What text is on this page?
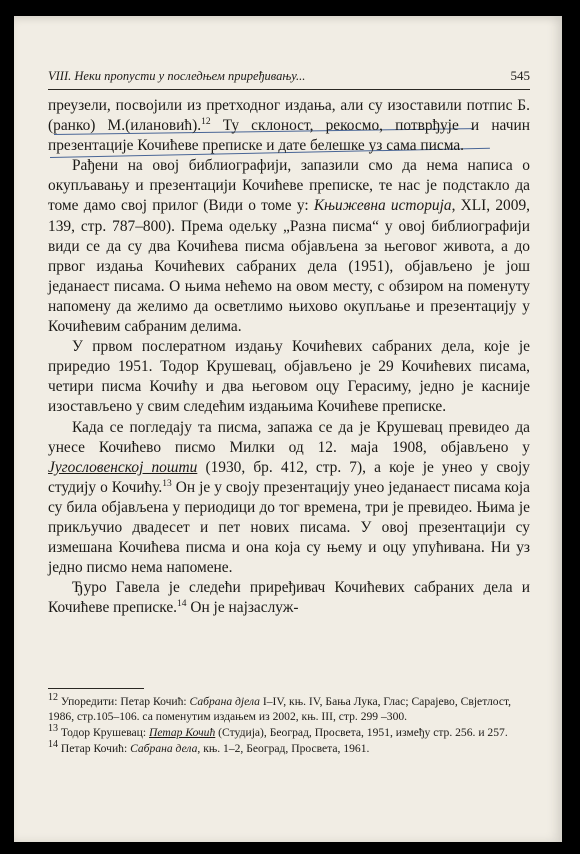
VIII. Неки пропусти у последњем приређивању...	545

преузели, посвојили из претходног издања, али су изоставили потпис Б.(ранко) М.(илановић).$^{12}$ Ту склоност, рекосмо, потврђује и начин презентације Кочићеве преписке и дате белешке уз сама писма.

Рађени на овој библиографији, запазили смо да нема написа о окупљавању и презентацији Кочићеве преписке, те нас је подстакло да томе дамо свој прилог (Види о томе у: Књижевна историја, XLI, 2009, 139, стр. 787–800). Према одељку „Разна писма“ у овој библиографији види се да су два Кочићева писма објављена за његовог живота, а до првог издања Кочићевих сабраних дела (1951), објављено је још једанаест писама. О њима нећемо на овом месту, с обзиром на поменуту напомену да желимо да осветлимо њихово окупљање и презентацију у Кочићевим сабраним делима.

У првом послератном издању Кочићевих сабраних дела, које је приредио 1951. Тодор Крушевац, објављено је 29 Кочићевих писама, четири писма Кочићу и два његовом оцу Герасиму, једно је касније изостављено у свим следећим издањима Кочићеве преписке.

Када се погледају та писма, запажа се да је Крушевац превидео да унесе Кочићево писмо Милки од 12. маја 1908, објављено у Југословенској пошти (1930, бр. 412, стр. 7), а које је унео у своју студију о Кочићу.$^{13}$ Он је у своју презентацију унео једанаест писама која су била објављена у периодици до тог времена, три је превидео. Њима је прикључио двадесет и пет нових писама. У овој презентацији су измешана Кочићева писма и она која су њему и оцу упућивана. Ни уз једно писмо нема напомене.

Ђуро Гавела је следећи приређивач Кочићевих сабраних дела и Кочићеве преписке.$^{14}$ Он је најзаслуж-

12 Упоредити: Петар Кочић: Сабрана дјела I–IV, књ. IV, Бања Лука, Глас; Сарајево, Свјетлост, 1986, стр.105–106. са поменутим издањем из 2002, књ. III, стр. 299 –300.

13 Тодор Крушевац: Петар Кочић (Студија), Београд, Просвета, 1951, између стр. 256. и 257.

14 Петар Кочић: Сабрана дела, књ. 1–2, Београд, Просвета, 1961.
